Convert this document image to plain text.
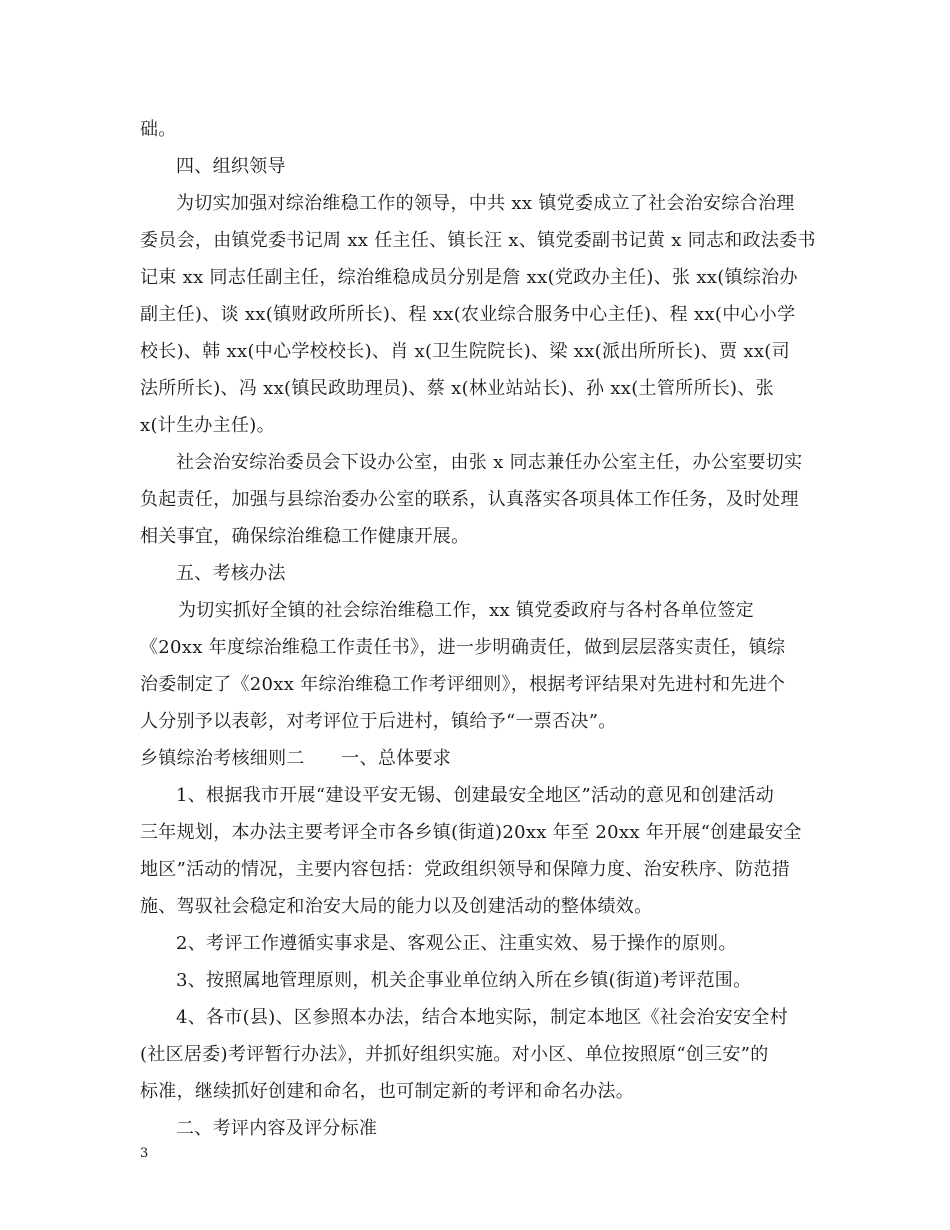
础。
四、组织领导
为切实加强对综治维稳工作的领导，中共 xx 镇党委成立了社会治安综合治理
委员会，由镇党委书记周 xx 任主任、镇长汪 x、镇党委副书记黄 x 同志和政法委书
记束 xx 同志任副主任，综治维稳成员分别是詹 xx(党政办主任)、张 xx(镇综治办
副主任)、谈 xx(镇财政所所长)、程 xx(农业综合服务中心主任)、程 xx(中心小学
校长)、韩 xx(中心学校校长)、肖 x(卫生院院长)、梁 xx(派出所所长)、贾 xx(司
法所所长)、冯 xx(镇民政助理员)、蔡 x(林业站站长)、孙 xx(土管所所长)、张
x(计生办主任)。
社会治安综治委员会下设办公室，由张 x 同志兼任办公室主任，办公室要切实
负起责任，加强与县综治委办公室的联系，认真落实各项具体工作任务，及时处理
相关事宜，确保综治维稳工作健康开展。
五、考核办法
为切实抓好全镇的社会综治维稳工作，xx 镇党委政府与各村各单位签定
《20xx 年度综治维稳工作责任书》，进一步明确责任，做到层层落实责任，镇综
治委制定了《20xx 年综治维稳工作考评细则》，根据考评结果对先进村和先进个
人分别予以表彰，对考评位于后进村，镇给予“一票否决”。
乡镇综治考核细则二　　一、总体要求
1、根据我市开展“建设平安无锡、创建最安全地区”活动的意见和创建活动
三年规划，本办法主要考评全市各乡镇(街道)20xx 年至 20xx 年开展“创建最安全
地区”活动的情况，主要内容包括：党政组织领导和保障力度、治安秩序、防范措
施、驾驭社会稳定和治安大局的能力以及创建活动的整体绩效。
2、考评工作遵循实事求是、客观公正、注重实效、易于操作的原则。
3、按照属地管理原则，机关企事业单位纳入所在乡镇(街道)考评范围。
4、各市(县)、区参照本办法，结合本地实际，制定本地区《社会治安安全村
(社区居委)考评暂行办法》，并抓好组织实施。对小区、单位按照原“创三安”的
标准，继续抓好创建和命名，也可制定新的考评和命名办法。
二、考评内容及评分标准
3
